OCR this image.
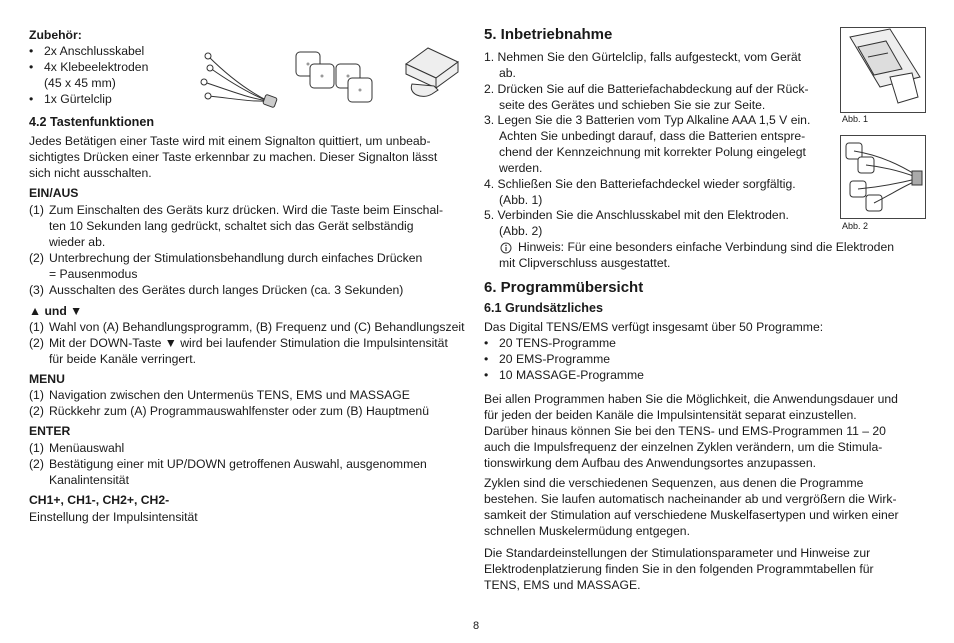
Zubehör:
• 2x Anschlusskabel
• 4x Klebeelektroden
(45 x 45 mm)
• 1x Gürtelclip
4.2 Tastenfunktionen
Jedes Betätigen einer Taste wird mit einem Signalton quittiert, um unbeab-
sichtigtes Drücken einer Taste erkennbar zu machen. Dieser Signalton lässt
sich nicht ausschalten.
EIN/AUS
(1) Zum Einschalten des Geräts kurz drücken. Wird die Taste beim Einschal-
ten 10 Sekunden lang gedrückt, schaltet sich das Gerät selbständig
wieder ab.
(2) Unterbrechung der Stimulationsbehandlung durch einfaches Drücken
= Pausenmodus
(3) Ausschalten des Gerätes durch langes Drücken (ca. 3 Sekunden)
▲ und ▼
(1) Wahl von (A) Behandlungsprogramm, (B) Frequenz und (C) Behandlungszeit
(2) Mit der DOWN-Taste ▼ wird bei laufender Stimulation die Impulsintensität
für beide Kanäle verringert.
MENU
(1) Navigation zwischen den Untermenüs TENS, EMS und MASSAGE
(2) Rückkehr zum (A) Programmauswahlfenster oder zum (B) Hauptmenü
ENTER
(1) Menüauswahl
(2) Bestätigung einer mit UP/DOWN getroffenen Auswahl, ausgenommen
Kanalintensität
CH1+, CH1-, CH2+, CH2-
Einstellung der Impulsintensität
5. Inbetriebnahme
1. Nehmen Sie den Gürtelclip, falls aufgesteckt, vom Gerät
ab.
2. Drücken Sie auf die Batteriefachabdeckung auf der Rück-
seite des Gerätes und schieben Sie sie zur Seite.
3. Legen Sie die 3 Batterien vom Typ Alkaline AAA 1,5 V ein.
Achten Sie unbedingt darauf, dass die Batterien entspre-
chend der Kennzeichnung mit korrekter Polung eingelegt
werden.
4. Schließen Sie den Batteriefachdeckel wieder sorgfältig.
(Abb. 1)
5. Verbinden Sie die Anschlusskabel mit den Elektroden.
(Abb. 2)
Hinweis: Für eine besonders einfache Verbindung sind die Elektroden
mit Clipverschluss ausgestattet.
6. Programmübersicht
6.1 Grundsätzliches
Das Digital TENS/EMS verfügt insgesamt über 50 Programme:
• 20 TENS-Programme
• 20 EMS-Programme
• 10 MASSAGE-Programme
Bei allen Programmen haben Sie die Möglichkeit, die Anwendungsdauer und
für jeden der beiden Kanäle die Impulsintensität separat einzustellen.
Darüber hinaus können Sie bei den TENS- und EMS-Programmen 11 – 20
auch die Impulsfrequenz der einzelnen Zyklen verändern, um die Stimula-
tionswirkung dem Aufbau des Anwendungsortes anzupassen.
Zyklen sind die verschiedenen Sequenzen, aus denen die Programme
bestehen. Sie laufen automatisch nacheinander ab und vergrößern die Wirk-
samkeit der Stimulation auf verschiedene Muskelfasertypen und wirken einer
schnellen Muskelermüdung entgegen.
Die Standardeinstellungen der Stimulationsparameter und Hinweise zur
Elektrodenplatzierung finden Sie in den folgenden Programmtabellen für
TENS, EMS und MASSAGE.
Abb. 1
Abb. 2
8
